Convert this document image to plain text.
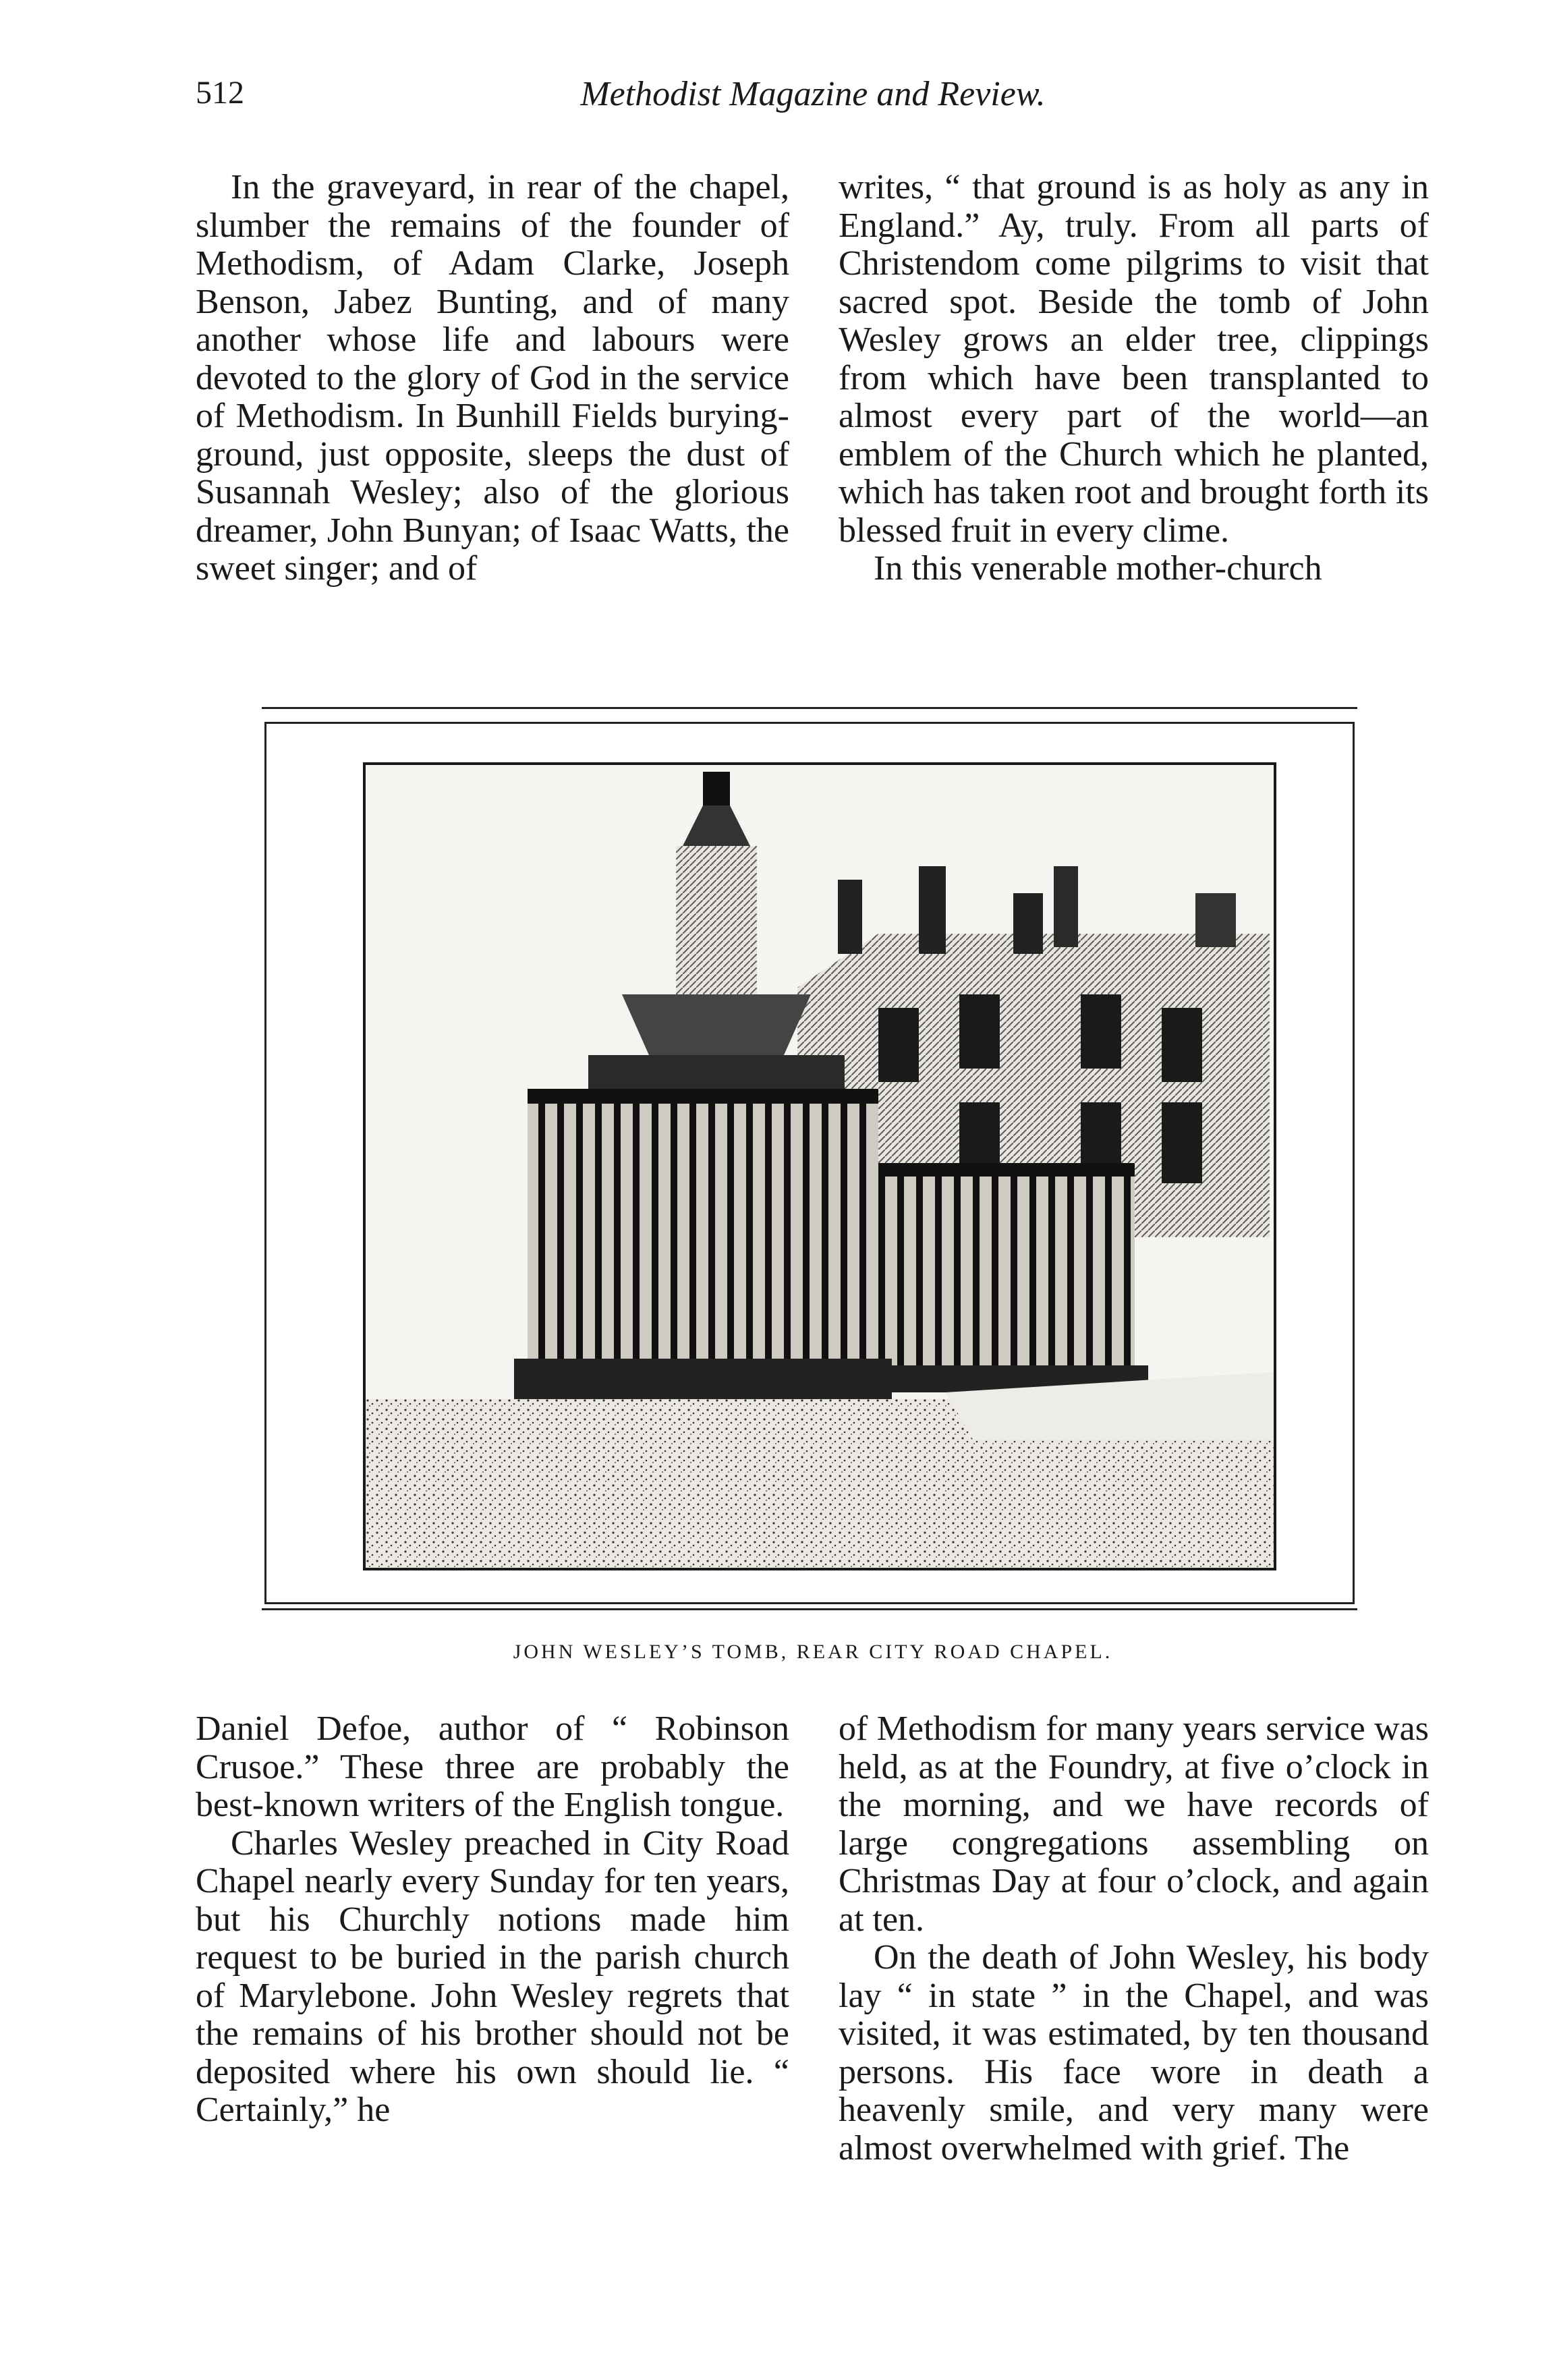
512	Methodist Magazine and Review.

In the graveyard, in rear of the chapel, slumber the remains of the founder of Methodism, of Adam Clarke, Joseph Benson, Jabez Bunting, and of many another whose life and labours were devoted to the glory of God in the service of Methodism. In Bunhill Fields burying-ground, just opposite, sleeps the dust of Susannah Wesley; also of the glorious dreamer, John Bunyan; of Isaac Watts, the sweet singer; and of

writes, “ that ground is as holy as any in England.” Ay, truly. From all parts of Christendom come pilgrims to visit that sacred spot. Beside the tomb of John Wesley grows an elder tree, clippings from which have been transplanted to almost every part of the world—an emblem of the Church which he planted, which has taken root and brought forth its blessed fruit in every clime.

In this venerable mother-church

JOHN WESLEY’S TOMB, REAR CITY ROAD CHAPEL.

Daniel Defoe, author of “ Robinson Crusoe.” These three are probably the best-known writers of the English tongue.

Charles Wesley preached in City Road Chapel nearly every Sunday for ten years, but his Churchly notions made him request to be buried in the parish church of Marylebone. John Wesley regrets that the remains of his brother should not be deposited where his own should lie. “ Certainly,” he

of Methodism for many years service was held, as at the Foundry, at five o’clock in the morning, and we have records of large congregations assembling on Christmas Day at four o’clock, and again at ten.

On the death of John Wesley, his body lay “ in state ” in the Chapel, and was visited, it was estimated, by ten thousand persons. His face wore in death a heavenly smile, and very many were almost overwhelmed with grief. The
